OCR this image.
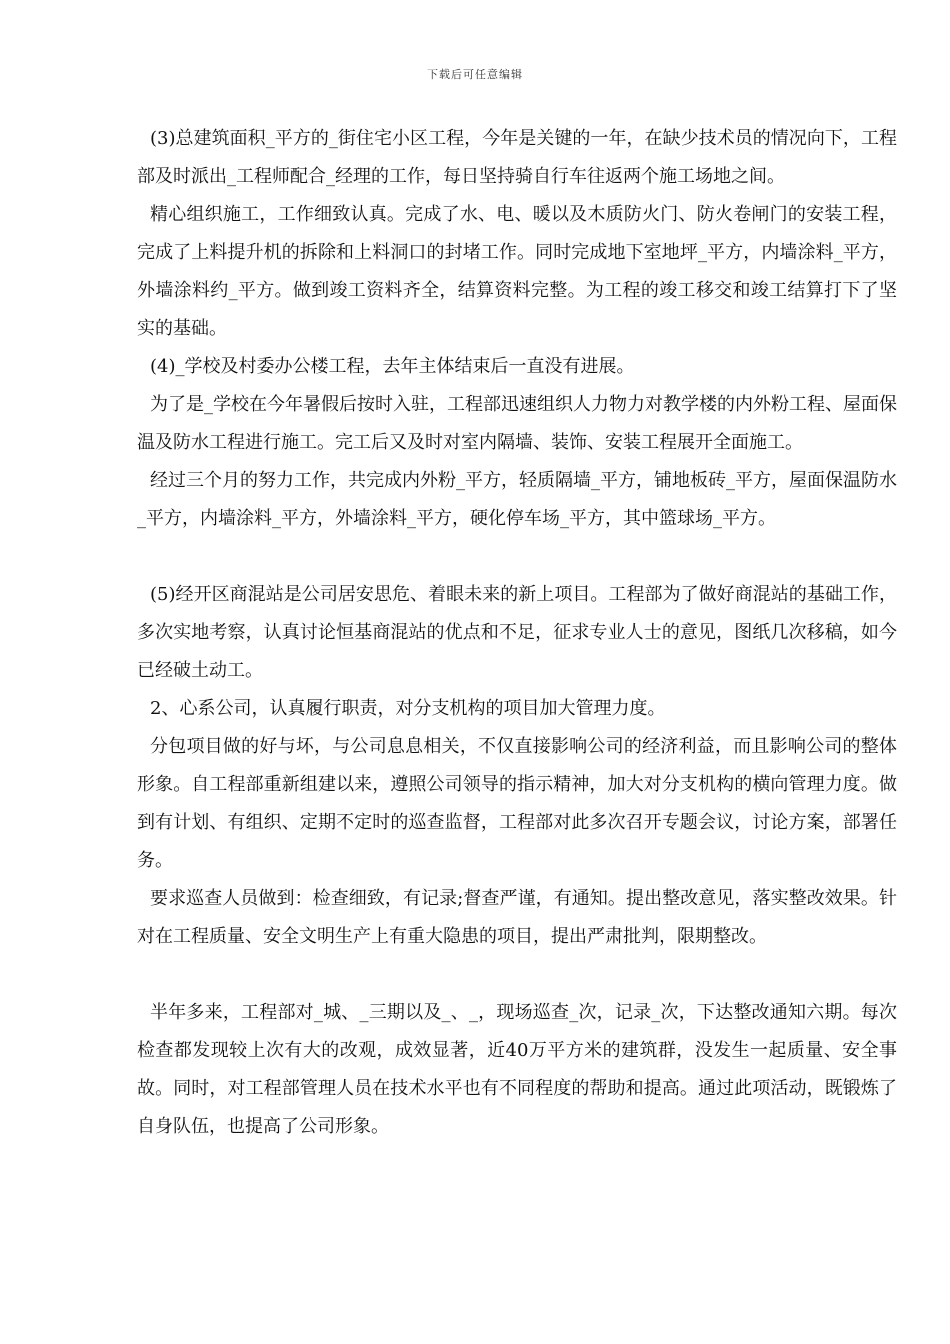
下载后可任意编辑

(3)总建筑面积_平方的_街住宅小区工程，今年是关键的一年，在缺少技术员的情况向下，工程部及时派出_工程师配合_经理的工作，每日坚持骑自行车往返两个施工场地之间。

精心组织施工，工作细致认真。完成了水、电、暖以及木质防火门、防火卷闸门的安装工程，完成了上料提升机的拆除和上料洞口的封堵工作。同时完成地下室地坪_平方，内墙涂料_平方，外墙涂料约_平方。做到竣工资料齐全，结算资料完整。为工程的竣工移交和竣工结算打下了坚实的基础。

(4)_学校及村委办公楼工程，去年主体结束后一直没有进展。

为了是_学校在今年暑假后按时入驻，工程部迅速组织人力物力对教学楼的内外粉工程、屋面保温及防水工程进行施工。完工后又及时对室内隔墙、装饰、安装工程展开全面施工。

经过三个月的努力工作，共完成内外粉_平方，轻质隔墙_平方，铺地板砖_平方，屋面保温防水_平方，内墙涂料_平方，外墙涂料_平方，硬化停车场_平方，其中篮球场_平方。

(5)经开区商混站是公司居安思危、着眼未来的新上项目。工程部为了做好商混站的基础工作，多次实地考察，认真讨论恒基商混站的优点和不足，征求专业人士的意见，图纸几次移稿，如今已经破土动工。

2、心系公司，认真履行职责，对分支机构的项目加大管理力度。

分包项目做的好与坏，与公司息息相关，不仅直接影响公司的经济利益，而且影响公司的整体形象。自工程部重新组建以来，遵照公司领导的指示精神，加大对分支机构的横向管理力度。做到有计划、有组织、定期不定时的巡查监督，工程部对此多次召开专题会议，讨论方案，部署任务。

要求巡查人员做到：检查细致，有记录;督查严谨，有通知。提出整改意见，落实整改效果。针对在工程质量、安全文明生产上有重大隐患的项目，提出严肃批判，限期整改。

半年多来，工程部对_城、_三期以及_、_，现场巡查_次，记录_次，下达整改通知六期。每次检查都发现较上次有大的改观，成效显著，近40万平方米的建筑群，没发生一起质量、安全事故。同时，对工程部管理人员在技术水平也有不同程度的帮助和提高。通过此项活动，既锻炼了自身队伍，也提高了公司形象。
